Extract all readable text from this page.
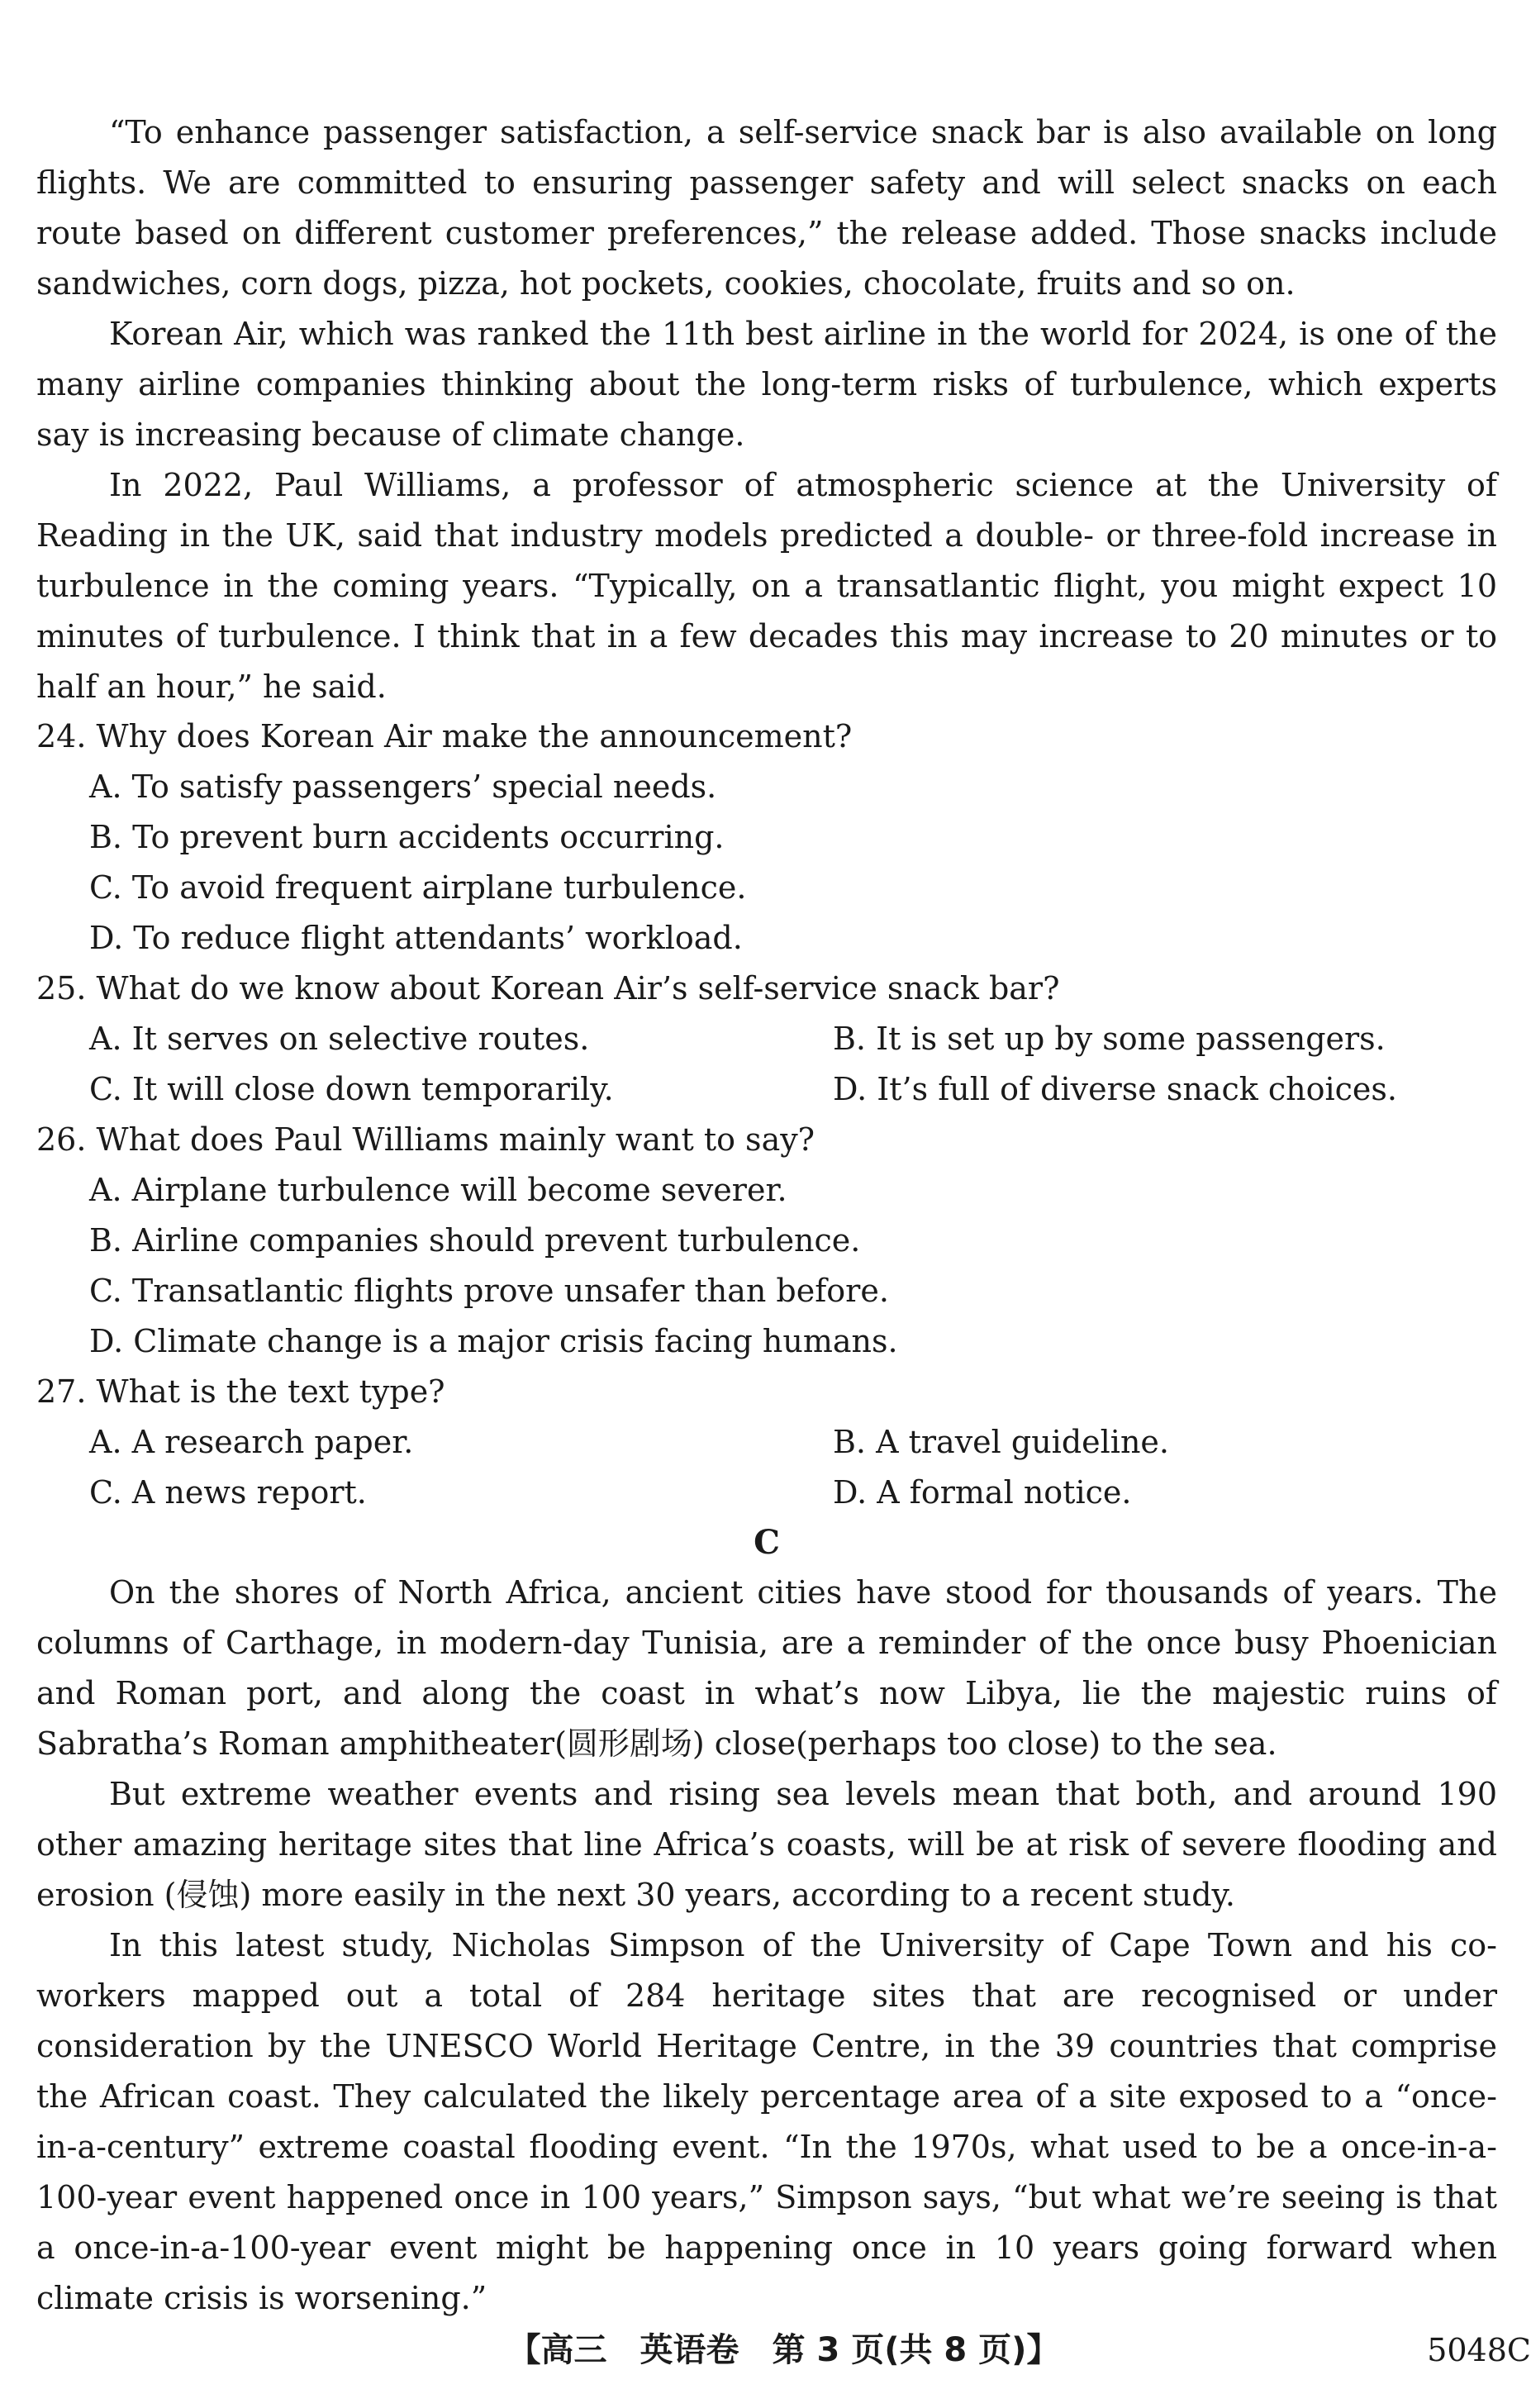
“To enhance passenger satisfaction, a self-service snack bar is also available on long flights. We are committed to ensuring passenger safety and will select snacks on each route based on different customer preferences,” the release added. Those snacks include sandwiches, corn dogs, pizza, hot pockets, cookies, chocolate, fruits and so on.
Korean Air, which was ranked the 11th best airline in the world for 2024, is one of the many airline companies thinking about the long-term risks of turbulence, which experts say is increasing because of climate change.
In 2022, Paul Williams, a professor of atmospheric science at the University of Reading in the UK, said that industry models predicted a double- or three-fold increase in turbulence in the coming years. “Typically, on a transatlantic flight, you might expect 10 minutes of turbulence. I think that in a few decades this may increase to 20 minutes or to half an hour,” he said.
24. Why does Korean Air make the announcement?
A. To satisfy passengers’ special needs.
B. To prevent burn accidents occurring.
C. To avoid frequent airplane turbulence.
D. To reduce flight attendants’ workload.
25. What do we know about Korean Air’s self-service snack bar?
A. It serves on selective routes.	B. It is set up by some passengers.
C. It will close down temporarily.	D. It’s full of diverse snack choices.
26. What does Paul Williams mainly want to say?
A. Airplane turbulence will become severer.
B. Airline companies should prevent turbulence.
C. Transatlantic flights prove unsafer than before.
D. Climate change is a major crisis facing humans.
27. What is the text type?
A. A research paper.	B. A travel guideline.
C. A news report.	D. A formal notice.
C
On the shores of North Africa, ancient cities have stood for thousands of years. The columns of Carthage, in modern-day Tunisia, are a reminder of the once busy Phoenician and Roman port, and along the coast in what’s now Libya, lie the majestic ruins of Sabratha’s Roman amphitheater(圆形剧场) close(perhaps too close) to the sea.
But extreme weather events and rising sea levels mean that both, and around 190 other amazing heritage sites that line Africa’s coasts, will be at risk of severe flooding and erosion (侵蚀) more easily in the next 30 years, according to a recent study.
In this latest study, Nicholas Simpson of the University of Cape Town and his co-workers mapped out a total of 284 heritage sites that are recognised or under consideration by the UNESCO World Heritage Centre, in the 39 countries that comprise the African coast. They calculated the likely percentage area of a site exposed to a “once-in-a-century” extreme coastal flooding event. “In the 1970s, what used to be a once-in-a-100-year event happened once in 100 years,” Simpson says, “but what we’re seeing is that a once-in-a-100-year event might be happening once in 10 years going forward when climate crisis is worsening.”
【高三　英语卷　第 3 页(共 8 页)】	5048C
